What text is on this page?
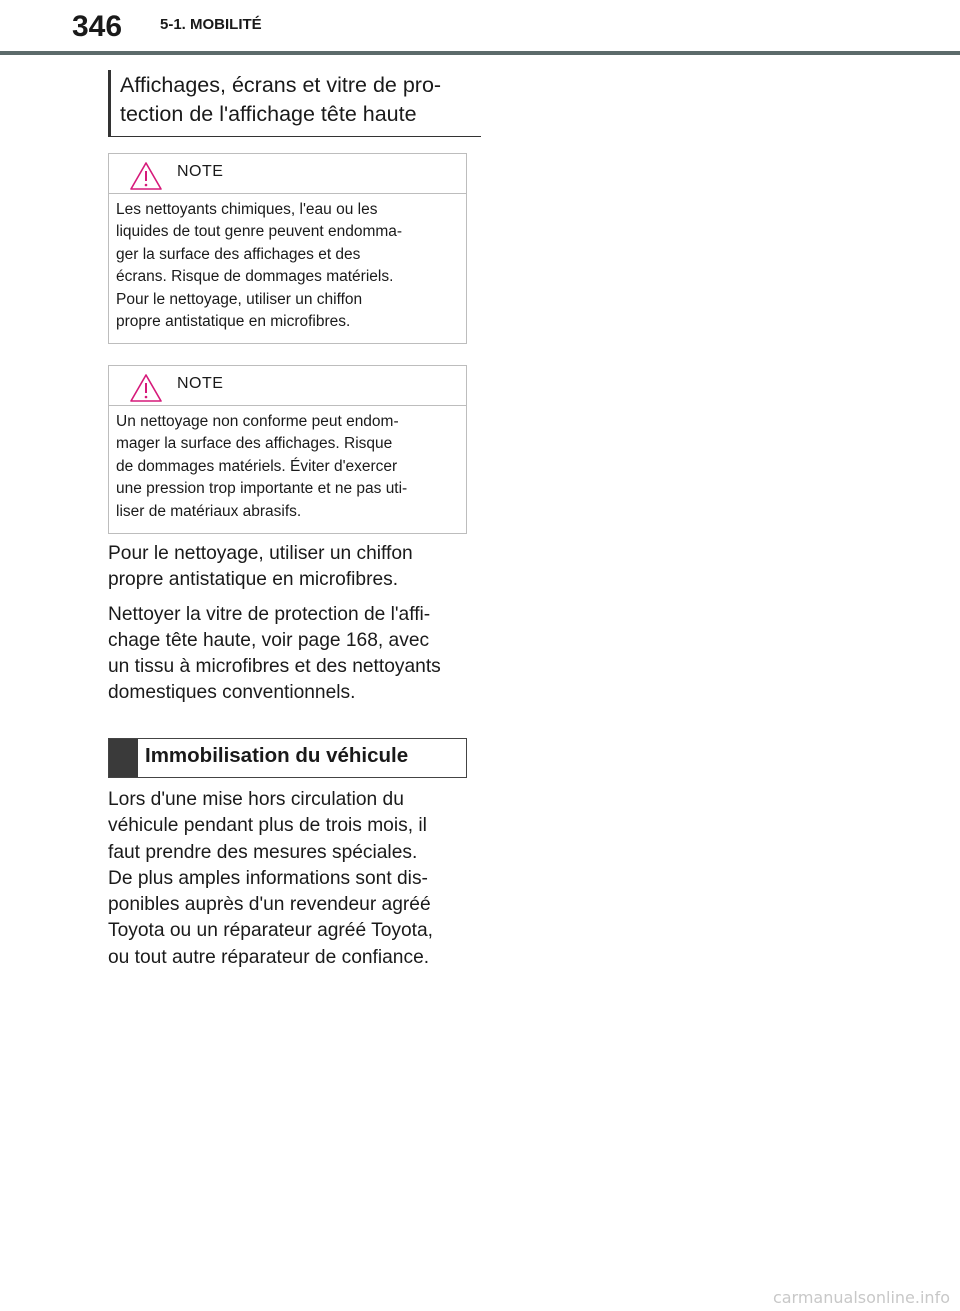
346	5-1. MOBILITÉ
Affichages, écrans et vitre de pro-
tection de l'affichage tête haute
NOTE
Les nettoyants chimiques, l'eau ou les
liquides de tout genre peuvent endomma-
ger la surface des affichages et des
écrans. Risque de dommages matériels.
Pour le nettoyage, utiliser un chiffon
propre antistatique en microfibres.
NOTE
Un nettoyage non conforme peut endom-
mager la surface des affichages. Risque
de dommages matériels. Éviter d'exercer
une pression trop importante et ne pas uti-
liser de matériaux abrasifs.

Pour le nettoyage, utiliser un chiffon
propre antistatique en microfibres.

Nettoyer la vitre de protection de l'affi-
chage tête haute, voir page 168, avec
un tissu à microfibres et des nettoyants
domestiques conventionnels.

Immobilisation du véhicule
Lors d'une mise hors circulation du
véhicule pendant plus de trois mois, il
faut prendre des mesures spéciales.
De plus amples informations sont dis-
ponibles auprès d'un revendeur agréé
Toyota ou un réparateur agréé Toyota,
ou tout autre réparateur de confiance.
carmanualsonline.info
